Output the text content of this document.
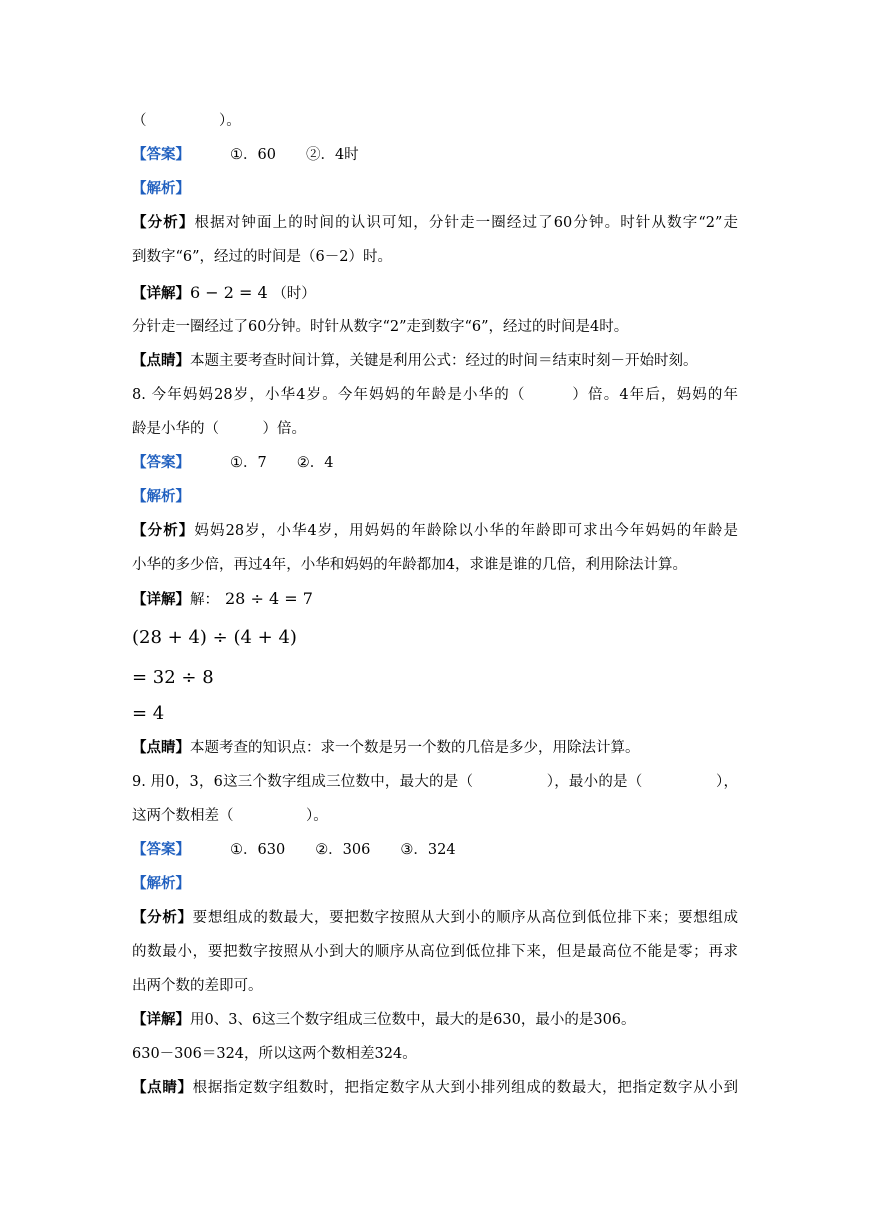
（　　　　　）。
【答案】	①．60 ②．4时
【解析】
【分析】根据对钟面上的时间的认识可知，分针走一圈经过了60分钟。时针从数字“2”走
到数字“6”，经过的时间是（6－2）时。
【详解】6 − 2 = 4 （时）
分针走一圈经过了60分钟。时针从数字“2”走到数字“6”，经过的时间是4时。
【点睛】本题主要考查时间计算，关键是利用公式：经过的时间＝结束时刻－开始时刻。
8. 今年妈妈28岁，小华4岁。今年妈妈的年龄是小华的（　　　）倍。4年后，妈妈的年
龄是小华的（　　　）倍。
【答案】	①．7 ②．4
【解析】
【分析】妈妈28岁，小华4岁，用妈妈的年龄除以小华的年龄即可求出今年妈妈的年龄是
小华的多少倍，再过4年，小华和妈妈的年龄都加4，求谁是谁的几倍，利用除法计算。
【详解】解： 28 ÷ 4 = 7
(28 + 4) ÷ (4 + 4)
= 32 ÷ 8
= 4
【点睛】本题考查的知识点：求一个数是另一个数的几倍是多少，用除法计算。
9. 用0，3，6这三个数字组成三位数中，最大的是（　　　　　），最小的是（　　　　　），
这两个数相差（　　　　　）。
【答案】	①．630 ②．306 ③．324
【解析】
【分析】要想组成的数最大，要把数字按照从大到小的顺序从高位到低位排下来；要想组成
的数最小，要把数字按照从小到大的顺序从高位到低位排下来，但是最高位不能是零；再求
出两个数的差即可。
【详解】用0、3、6这三个数字组成三位数中，最大的是630，最小的是306。
630－306＝324，所以这两个数相差324。
【点睛】根据指定数字组数时，把指定数字从大到小排列组成的数最大，把指定数字从小到
